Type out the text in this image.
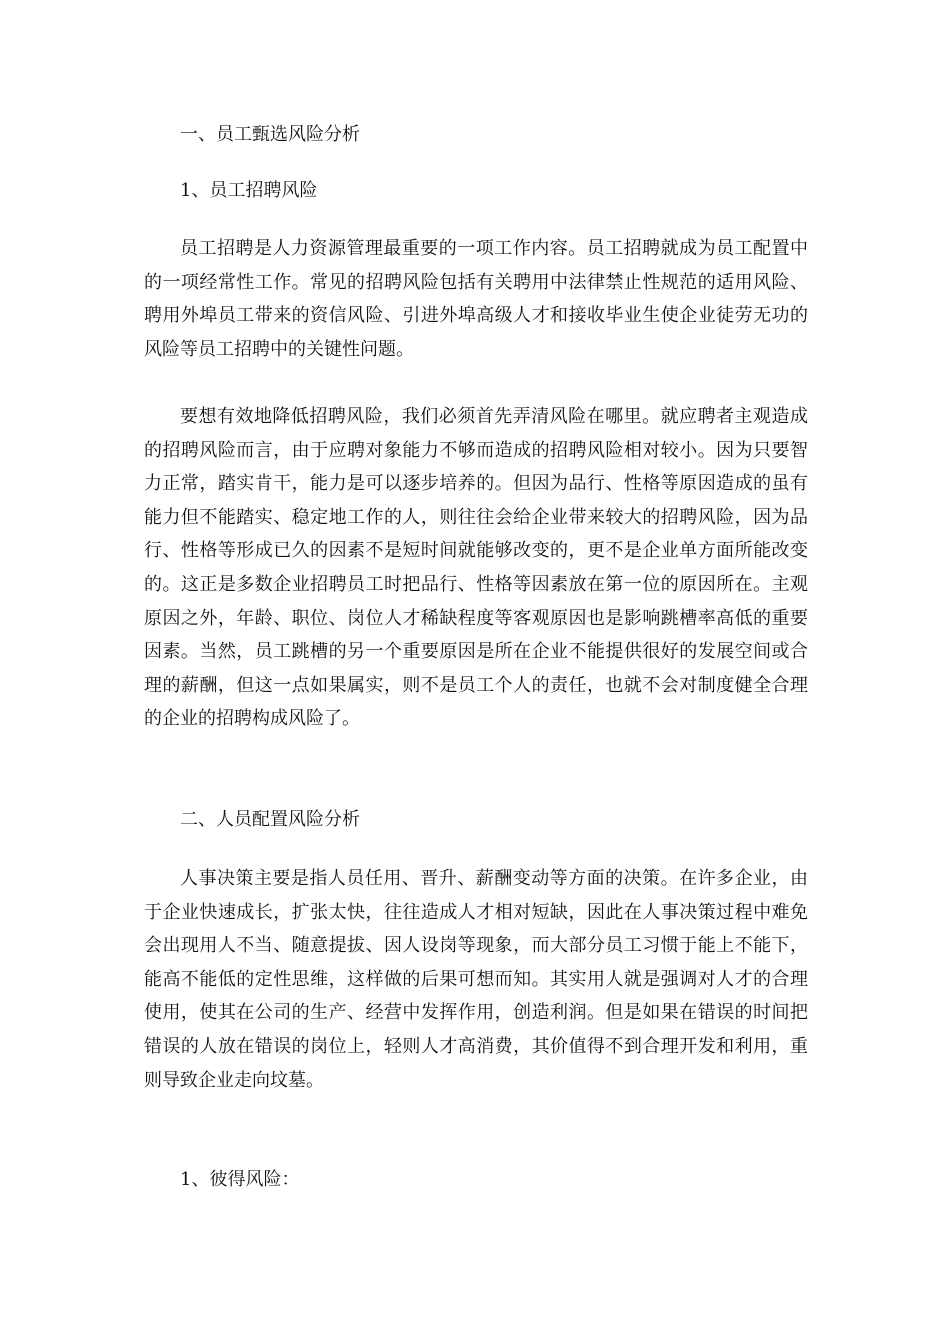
一、员工甄选风险分析

1、员工招聘风险

员工招聘是人力资源管理最重要的一项工作内容。员工招聘就成为员工配置中的一项经常性工作。常见的招聘风险包括有关聘用中法律禁止性规范的适用风险、聘用外埠员工带来的资信风险、引进外埠高级人才和接收毕业生使企业徒劳无功的风险等员工招聘中的关键性问题。

要想有效地降低招聘风险，我们必须首先弄清风险在哪里。就应聘者主观造成的招聘风险而言，由于应聘对象能力不够而造成的招聘风险相对较小。因为只要智力正常，踏实肯干，能力是可以逐步培养的。但因为品行、性格等原因造成的虽有能力但不能踏实、稳定地工作的人，则往往会给企业带来较大的招聘风险，因为品行、性格等形成已久的因素不是短时间就能够改变的，更不是企业单方面所能改变的。这正是多数企业招聘员工时把品行、性格等因素放在第一位的原因所在。主观原因之外，年龄、职位、岗位人才稀缺程度等客观原因也是影响跳槽率高低的重要因素。当然，员工跳槽的另一个重要原因是所在企业不能提供很好的发展空间或合理的薪酬，但这一点如果属实，则不是员工个人的责任，也就不会对制度健全合理的企业的招聘构成风险了。

二、人员配置风险分析

人事决策主要是指人员任用、晋升、薪酬变动等方面的决策。在许多企业，由于企业快速成长，扩张太快，往往造成人才相对短缺，因此在人事决策过程中难免会出现用人不当、随意提拔、因人设岗等现象，而大部分员工习惯于能上不能下，能高不能低的定性思维，这样做的后果可想而知。其实用人就是强调对人才的合理使用，使其在公司的生产、经营中发挥作用，创造利润。但是如果在错误的时间把错误的人放在错误的岗位上，轻则人才高消费，其价值得不到合理开发和利用，重则导致企业走向坟墓。

1、彼得风险：
